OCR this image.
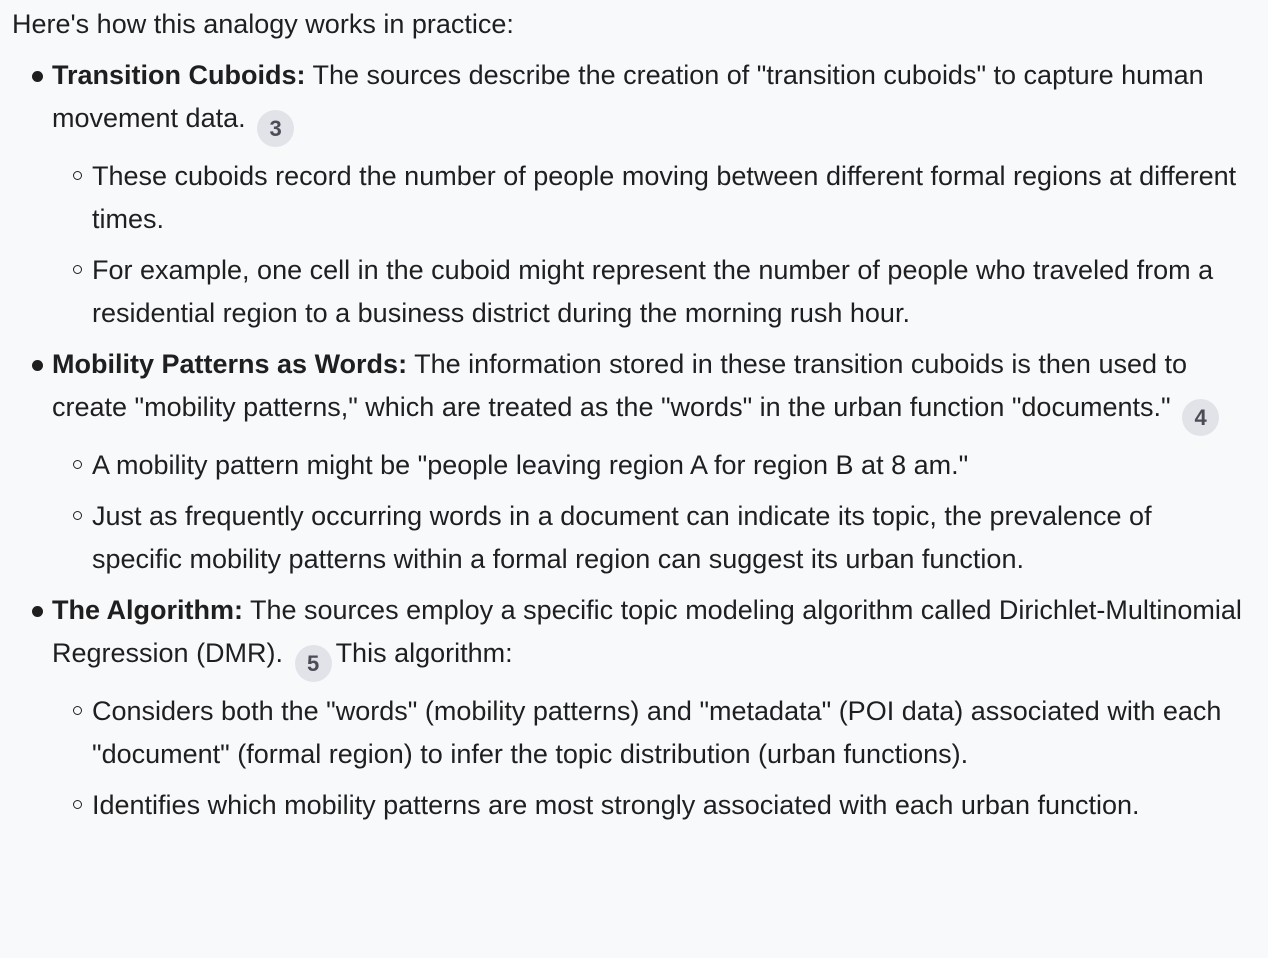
Here's how this analogy works in practice:

Transition Cuboids: The sources describe the creation of "transition cuboids" to capture human movement data. 3
These cuboids record the number of people moving between different formal regions at different times.
For example, one cell in the cuboid might represent the number of people who traveled from a residential region to a business district during the morning rush hour.
Mobility Patterns as Words: The information stored in these transition cuboids is then used to create "mobility patterns," which are treated as the "words" in the urban function "documents." 4
A mobility pattern might be "people leaving region A for region B at 8 am."
Just as frequently occurring words in a document can indicate its topic, the prevalence of specific mobility patterns within a formal region can suggest its urban function.
The Algorithm: The sources employ a specific topic modeling algorithm called Dirichlet-Multinomial Regression (DMR). 5 This algorithm:
Considers both the "words" (mobility patterns) and "metadata" (POI data) associated with each "document" (formal region) to infer the topic distribution (urban functions).
Identifies which mobility patterns are most strongly associated with each urban function.
